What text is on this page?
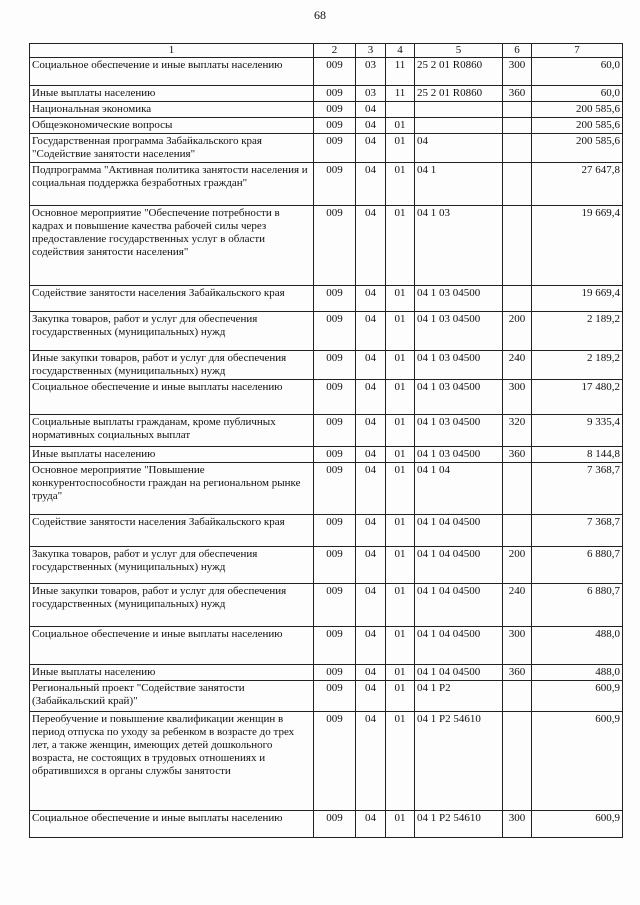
68
1	2	3	4	5	6	7
Социальное обеспечение и иные выплаты населению	009	03	11	25 2 01 R0860	300	60,0
Иные выплаты населению	009	03	11	25 2 01 R0860	360	60,0
Национальная экономика	009	04				200 585,6
Общеэкономические вопросы	009	04	01			200 585,6
Государственная программа Забайкальского края "Содействие занятости населения"	009	04	01	04		200 585,6
Подпрограмма "Активная политика занятости населения и социальная поддержка безработных граждан"	009	04	01	04 1		27 647,8
Основное мероприятие "Обеспечение потребности в кадрах и повышение качества рабочей силы через предоставление государственных услуг в области содействия занятости населения"	009	04	01	04 1 03		19 669,4
Содействие занятости населения Забайкальского края	009	04	01	04 1 03 04500		19 669,4
Закупка товаров, работ и услуг для обеспечения государственных (муниципальных) нужд	009	04	01	04 1 03 04500	200	2 189,2
Иные закупки товаров, работ и услуг для обеспечения государственных (муниципальных) нужд	009	04	01	04 1 03 04500	240	2 189,2
Социальное обеспечение и иные выплаты населению	009	04	01	04 1 03 04500	300	17 480,2
Социальные выплаты гражданам, кроме публичных нормативных социальных выплат	009	04	01	04 1 03 04500	320	9 335,4
Иные выплаты населению	009	04	01	04 1 03 04500	360	8 144,8
Основное мероприятие "Повышение конкурентоспособности граждан на региональном рынке труда"	009	04	01	04 1 04		7 368,7
Содействие занятости населения Забайкальского края	009	04	01	04 1 04 04500		7 368,7
Закупка товаров, работ и услуг для обеспечения государственных (муниципальных) нужд	009	04	01	04 1 04 04500	200	6 880,7
Иные закупки товаров, работ и услуг для обеспечения государственных (муниципальных) нужд	009	04	01	04 1 04 04500	240	6 880,7
Социальное обеспечение и иные выплаты населению	009	04	01	04 1 04 04500	300	488,0
Иные выплаты населению	009	04	01	04 1 04 04500	360	488,0
Региональный проект "Содействие занятости (Забайкальский край)"	009	04	01	04 1 P2		600,9
Переобучение и повышение квалификации женщин в период отпуска по уходу за ребенком в возрасте до трех лет, а также женщин, имеющих детей дошкольного возраста, не состоящих в трудовых отношениях и обратившихся в органы службы занятости	009	04	01	04 1 P2 54610		600,9
Социальное обеспечение и иные выплаты населению	009	04	01	04 1 P2 54610	300	600,9
